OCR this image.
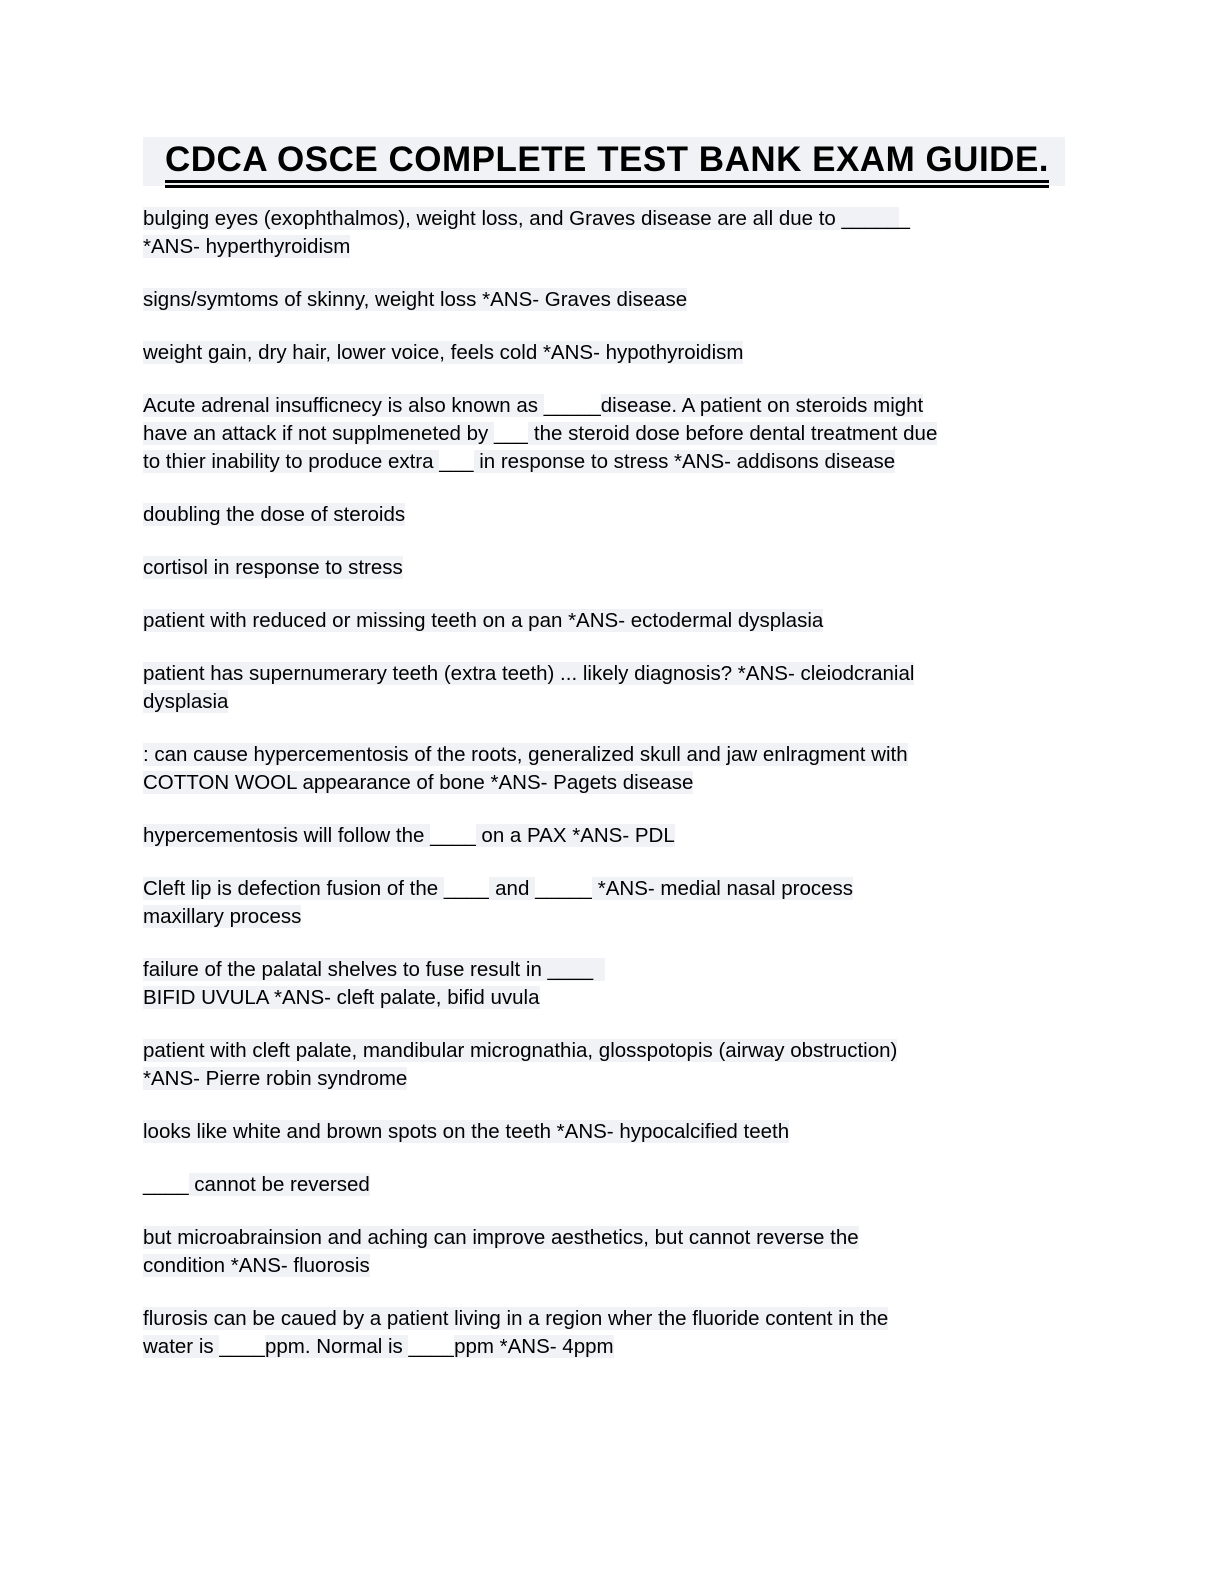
CDCA OSCE COMPLETE TEST BANK EXAM GUIDE.

bulging eyes (exophthalmos), weight loss, and Graves disease are all due to ______
*ANS- hyperthyroidism

signs/symtoms of skinny, weight loss *ANS- Graves disease

weight gain, dry hair, lower voice, feels cold *ANS- hypothyroidism

Acute adrenal insufficnecy is also known as _____disease. A patient on steroids might
have an attack if not supplmeneted by ___ the steroid dose before dental treatment due
to thier inability to produce extra ___ in response to stress *ANS- addisons disease

doubling the dose of steroids

cortisol in response to stress

patient with reduced or missing teeth on a pan *ANS- ectodermal dysplasia

patient has supernumerary teeth (extra teeth) ... likely diagnosis? *ANS- cleiodcranial
dysplasia

: can cause hypercementosis of the roots, generalized skull and jaw enlragment with
COTTON WOOL appearance of bone *ANS- Pagets disease

hypercementosis will follow the ____ on a PAX *ANS- PDL

Cleft lip is defection fusion of the ____ and _____ *ANS- medial nasal process
maxillary process

failure of the palatal shelves to fuse result in ____
BIFID UVULA *ANS- cleft palate, bifid uvula

patient with cleft palate, mandibular micrognathia, glosspotopis (airway obstruction)
*ANS- Pierre robin syndrome

looks like white and brown spots on the teeth *ANS- hypocalcified teeth

____ cannot be reversed

but microabrainsion and aching can improve aesthetics, but cannot reverse the
condition *ANS- fluorosis

flurosis can be caued by a patient living in a region wher the fluoride content in the
water is ____ppm. Normal is ____ppm *ANS- 4ppm
